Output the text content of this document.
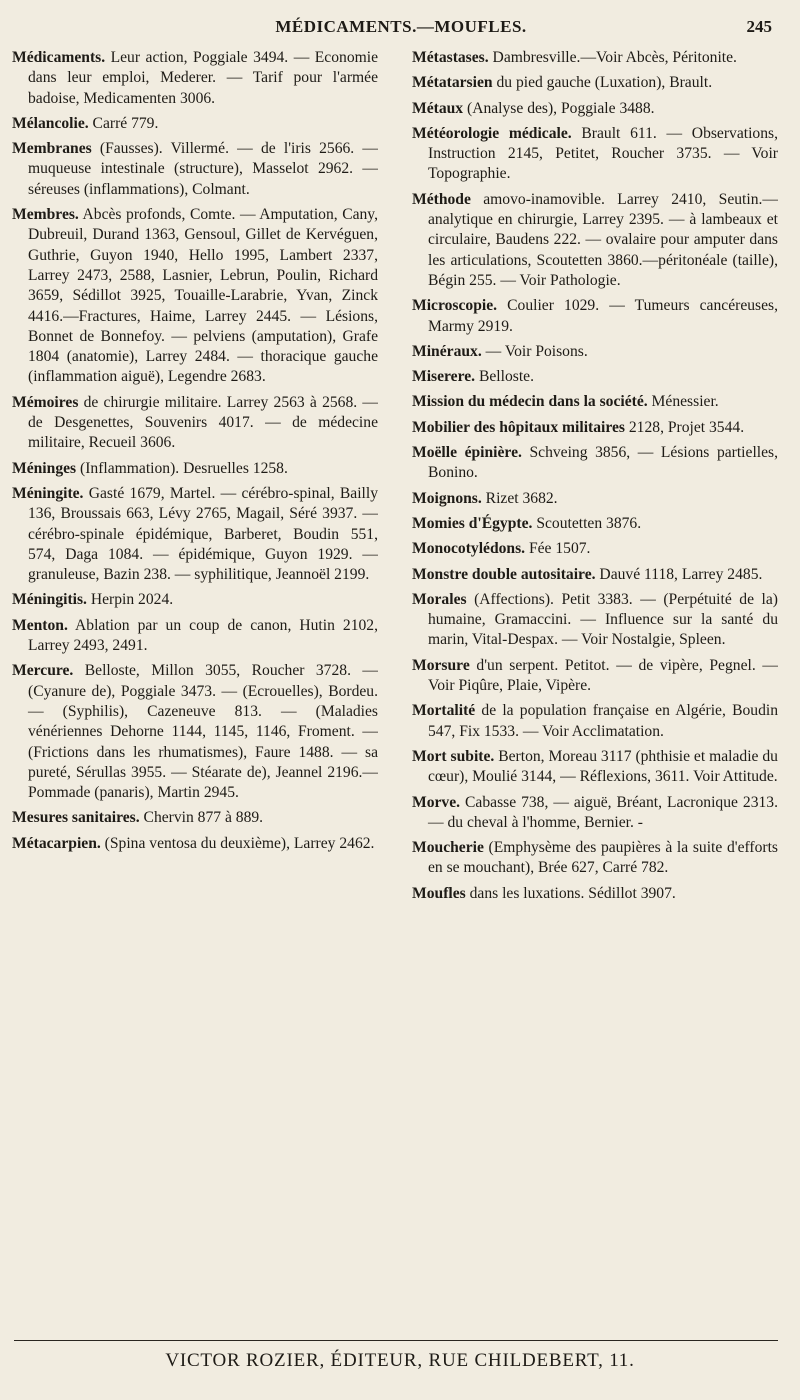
MÉDICAMENTS.—MOUFLES.	245

Médicaments. Leur action, Poggiale 3494. — Economie dans leur emploi, Mederer. — Tarif pour l'armée badoise, Medicamenten 3006.

Mélancolie. Carré 779.

Membranes (Fausses). Villermé. — de l'iris 2566. — muqueuse intestinale (structure), Masselot 2962. — séreuses (inflammations), Colmant.

Membres. Abcès profonds, Comte. — Amputation, Cany, Dubreuil, Durand 1363, Gensoul, Gillet de Kervéguen, Guthrie, Guyon 1940, Hello 1995, Lambert 2337, Larrey 2473, 2588, Lasnier, Lebrun, Poulin, Richard 3659, Sédillot 3925, Touaille-Larabrie, Yvan, Zinck 4416.—Fractures, Haime, Larrey 2445. — Lésions, Bonnet de Bonnefoy. — pelviens (amputation), Grafe 1804 (anatomie), Larrey 2484. — thoracique gauche (inflammation aiguë), Legendre 2683.

Mémoires de chirurgie militaire. Larrey 2563 à 2568. — de Desgenettes, Souvenirs 4017. — de médecine militaire, Recueil 3606.

Méninges (Inflammation). Desruelles 1258.

Méningite. Gasté 1679, Martel. — cérébro-spinal, Bailly 136, Broussais 663, Lévy 2765, Magail, Séré 3937. — cérébro-spinale épidémique, Barberet, Boudin 551, 574, Daga 1084. — épidémique, Guyon 1929. — granuleuse, Bazin 238. — syphilitique, Jeannoël 2199.

Méningitis. Herpin 2024.

Menton. Ablation par un coup de canon, Hutin 2102, Larrey 2493, 2491.

Mercure. Belloste, Millon 3055, Roucher 3728. — (Cyanure de), Poggiale 3473. — (Ecrouelles), Bordeu. — (Syphilis), Cazeneuve 813. — (Maladies vénériennes Dehorne 1144, 1145, 1146, Froment. — (Frictions dans les rhumatismes), Faure 1488. — sa pureté, Sérullas 3955. — Stéarate de), Jeannel 2196.—Pommade (panaris), Martin 2945.

Mesures sanitaires. Chervin 877 à 889.

Métacarpien. (Spina ventosa du deuxième), Larrey 2462.

Métastases. Dambresville.—Voir Abcès, Péritonite.

Métatarsien du pied gauche (Luxation), Brault.

Métaux (Analyse des), Poggiale 3488.

Météorologie médicale. Brault 611. — Observations, Instruction 2145, Petitet, Roucher 3735. — Voir Topographie.

Méthode amovo-inamovible. Larrey 2410, Seutin.— analytique en chirurgie, Larrey 2395. — à lambeaux et circulaire, Baudens 222. — ovalaire pour amputer dans les articulations, Scoutetten 3860.—péritonéale (taille), Bégin 255. — Voir Pathologie.

Microscopie. Coulier 1029. — Tumeurs cancéreuses, Marmy 2919.

Minéraux. — Voir Poisons.

Miserere. Belloste.

Mission du médecin dans la société. Ménessier.

Mobilier des hôpitaux militaires 2128, Projet 3544.

Moëlle épinière. Schveing 3856, — Lésions partielles, Bonino.

Moignons. Rizet 3682.

Momies d'Égypte. Scoutetten 3876.

Monocotylédons. Fée 1507.

Monstre double autositaire. Dauvé 1118, Larrey 2485.

Morales (Affections). Petit 3383. — (Perpétuité de la) humaine, Gramaccini. — Influence sur la santé du marin, Vital-Despax. — Voir Nostalgie, Spleen.

Morsure d'un serpent. Petitot. — de vipère, Pegnel. — Voir Piqûre, Plaie, Vipère.

Mortalité de la population française en Algérie, Boudin 547, Fix 1533. — Voir Acclimatation.

Mort subite. Berton, Moreau 3117 (phthisie et maladie du cœur), Moulié 3144, — Réflexions, 3611. Voir Attitude.

Morve. Cabasse 738, — aiguë, Bréant, Lacronique 2313. — du cheval à l'homme, Bernier. -

Moucherie (Emphysème des paupières à la suite d'efforts en se mouchant), Brée 627, Carré 782.

Moufles dans les luxations. Sédillot 3907.

VICTOR ROZIER, ÉDITEUR, RUE CHILDEBERT, 11.
